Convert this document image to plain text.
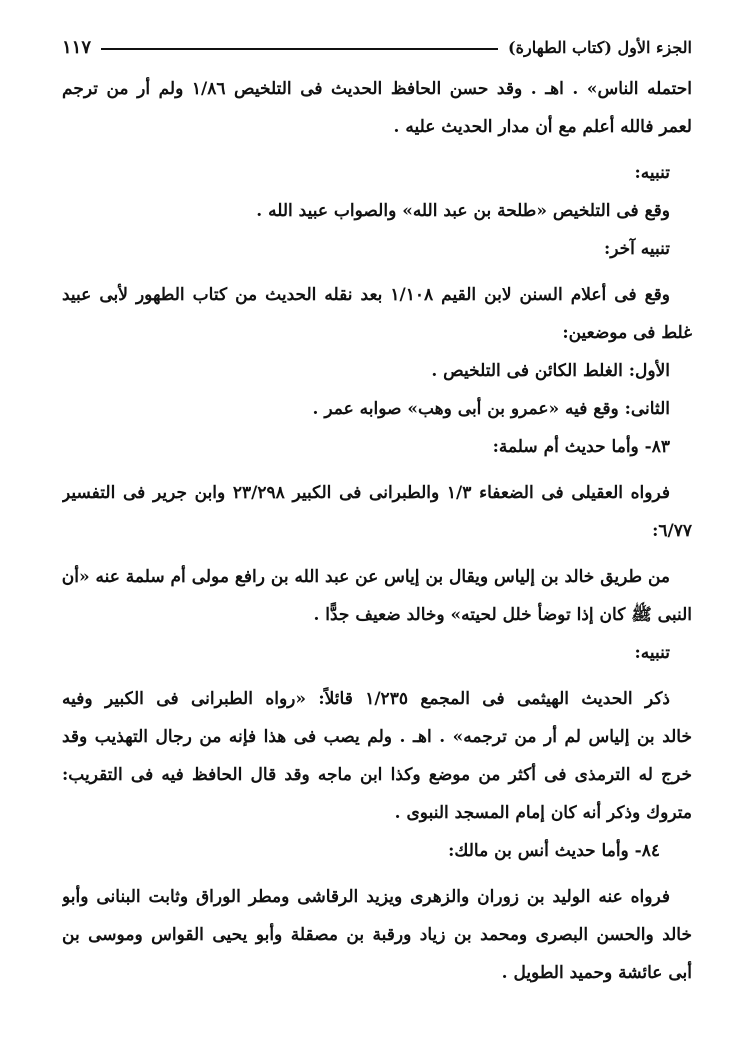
الجزء الأول (كتاب الطهارة)
١١٧
احتمله الناس» . اهـ . وقد حسن الحافظ الحديث فى التلخيص ١/٨٦ ولم أر من ترجم
لعمر فالله أعلم مع أن مدار الحديث عليه .
تنبيه:
وقع فى التلخيص «طلحة بن عبد الله» والصواب عبيد الله .
تنبيه آخر:
وقع فى أعلام السنن لابن القيم ١/١٠٨ بعد نقله الحديث من كتاب الطهور لأبى عبيد
غلط فى موضعين:
الأول: الغلط الكائن فى التلخيص .
الثانى: وقع فيه «عمرو بن أبى وهب» صوابه عمر .
٨٣- وأما حديث أم سلمة:
فرواه العقيلى فى الضعفاء ١/٣ والطبرانى فى الكبير ٢٣/٢٩٨ وابن جرير فى التفسير
٦/٧٧:
من طريق خالد بن إلياس ويقال بن إياس عن عبد الله بن رافع مولى أم سلمة عنه «أن
النبى ﷺ كان إذا توضأ خلل لحيته» وخالد ضعيف جدًّا .
تنبيه:
ذكر الحديث الهيثمى فى المجمع ١/٢٣٥ قائلاً: «رواه الطبرانى فى الكبير وفيه
خالد بن إلياس لم أر من ترجمه» . اهـ . ولم يصب فى هذا فإنه من رجال التهذيب وقد
خرج له الترمذى فى أكثر من موضع وكذا ابن ماجه وقد قال الحافظ فيه فى التقريب:
متروك وذكر أنه كان إمام المسجد النبوى .
٨٤- وأما حديث أنس بن مالك:
فرواه عنه الوليد بن زوران والزهرى ويزيد الرقاشى ومطر الوراق وثابت البنانى وأبو
خالد والحسن البصرى ومحمد بن زياد ورقبة بن مصقلة وأبو يحيى القواس وموسى بن
أبى عائشة وحميد الطويل .
